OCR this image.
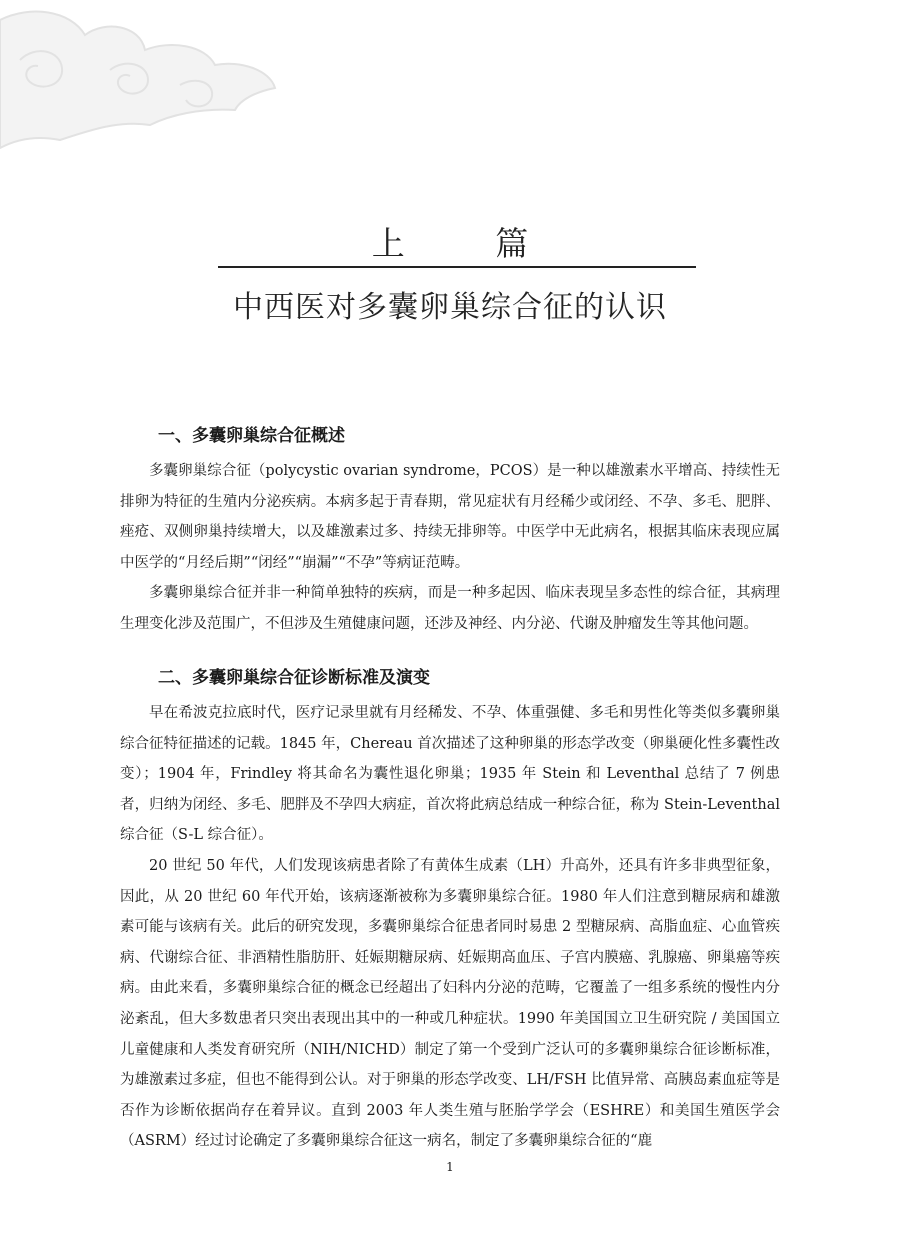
上 篇
中西医对多囊卵巢综合征的认识
一、多囊卵巢综合征概述

多囊卵巢综合征（polycystic ovarian syndrome，PCOS）是一种以雄激素水平增高、持续性无排卵为特征的生殖内分泌疾病。本病多起于青春期，常见症状有月经稀少或闭经、不孕、多毛、肥胖、痤疮、双侧卵巢持续增大，以及雄激素过多、持续无排卵等。中医学中无此病名，根据其临床表现应属中医学的“月经后期”“闭经”“崩漏”“不孕”等病证范畴。

多囊卵巢综合征并非一种简单独特的疾病，而是一种多起因、临床表现呈多态性的综合征，其病理生理变化涉及范围广，不但涉及生殖健康问题，还涉及神经、内分泌、代谢及肿瘤发生等其他问题。

二、多囊卵巢综合征诊断标准及演变

早在希波克拉底时代，医疗记录里就有月经稀发、不孕、体重强健、多毛和男性化等类似多囊卵巢综合征特征描述的记载。1845 年，Chereau 首次描述了这种卵巢的形态学改变（卵巢硬化性多囊性改变）；1904 年，Frindley 将其命名为囊性退化卵巢；1935 年 Stein 和 Leventhal 总结了 7 例患者，归纳为闭经、多毛、肥胖及不孕四大病症，首次将此病总结成一种综合征，称为 Stein-Leventhal 综合征（S-L 综合征）。

20 世纪 50 年代，人们发现该病患者除了有黄体生成素（LH）升高外，还具有许多非典型征象，因此，从 20 世纪 60 年代开始，该病逐渐被称为多囊卵巢综合征。1980 年人们注意到糖尿病和雄激素可能与该病有关。此后的研究发现，多囊卵巢综合征患者同时易患 2 型糖尿病、高脂血症、心血管疾病、代谢综合征、非酒精性脂肪肝、妊娠期糖尿病、妊娠期高血压、子宫内膜癌、乳腺癌、卵巢癌等疾病。由此来看，多囊卵巢综合征的概念已经超出了妇科内分泌的范畴，它覆盖了一组多系统的慢性内分泌紊乱，但大多数患者只突出表现出其中的一种或几种症状。1990 年美国国立卫生研究院 / 美国国立儿童健康和人类发育研究所（NIH/NICHD）制定了第一个受到广泛认可的多囊卵巢综合征诊断标准，为雄激素过多症，但也不能得到公认。对于卵巢的形态学改变、LH/FSH 比值异常、高胰岛素血症等是否作为诊断依据尚存在着异议。直到 2003 年人类生殖与胚胎学学会（ESHRE）和美国生殖医学会（ASRM）经过讨论确定了多囊卵巢综合征这一病名，制定了多囊卵巢综合征的“鹿

1
